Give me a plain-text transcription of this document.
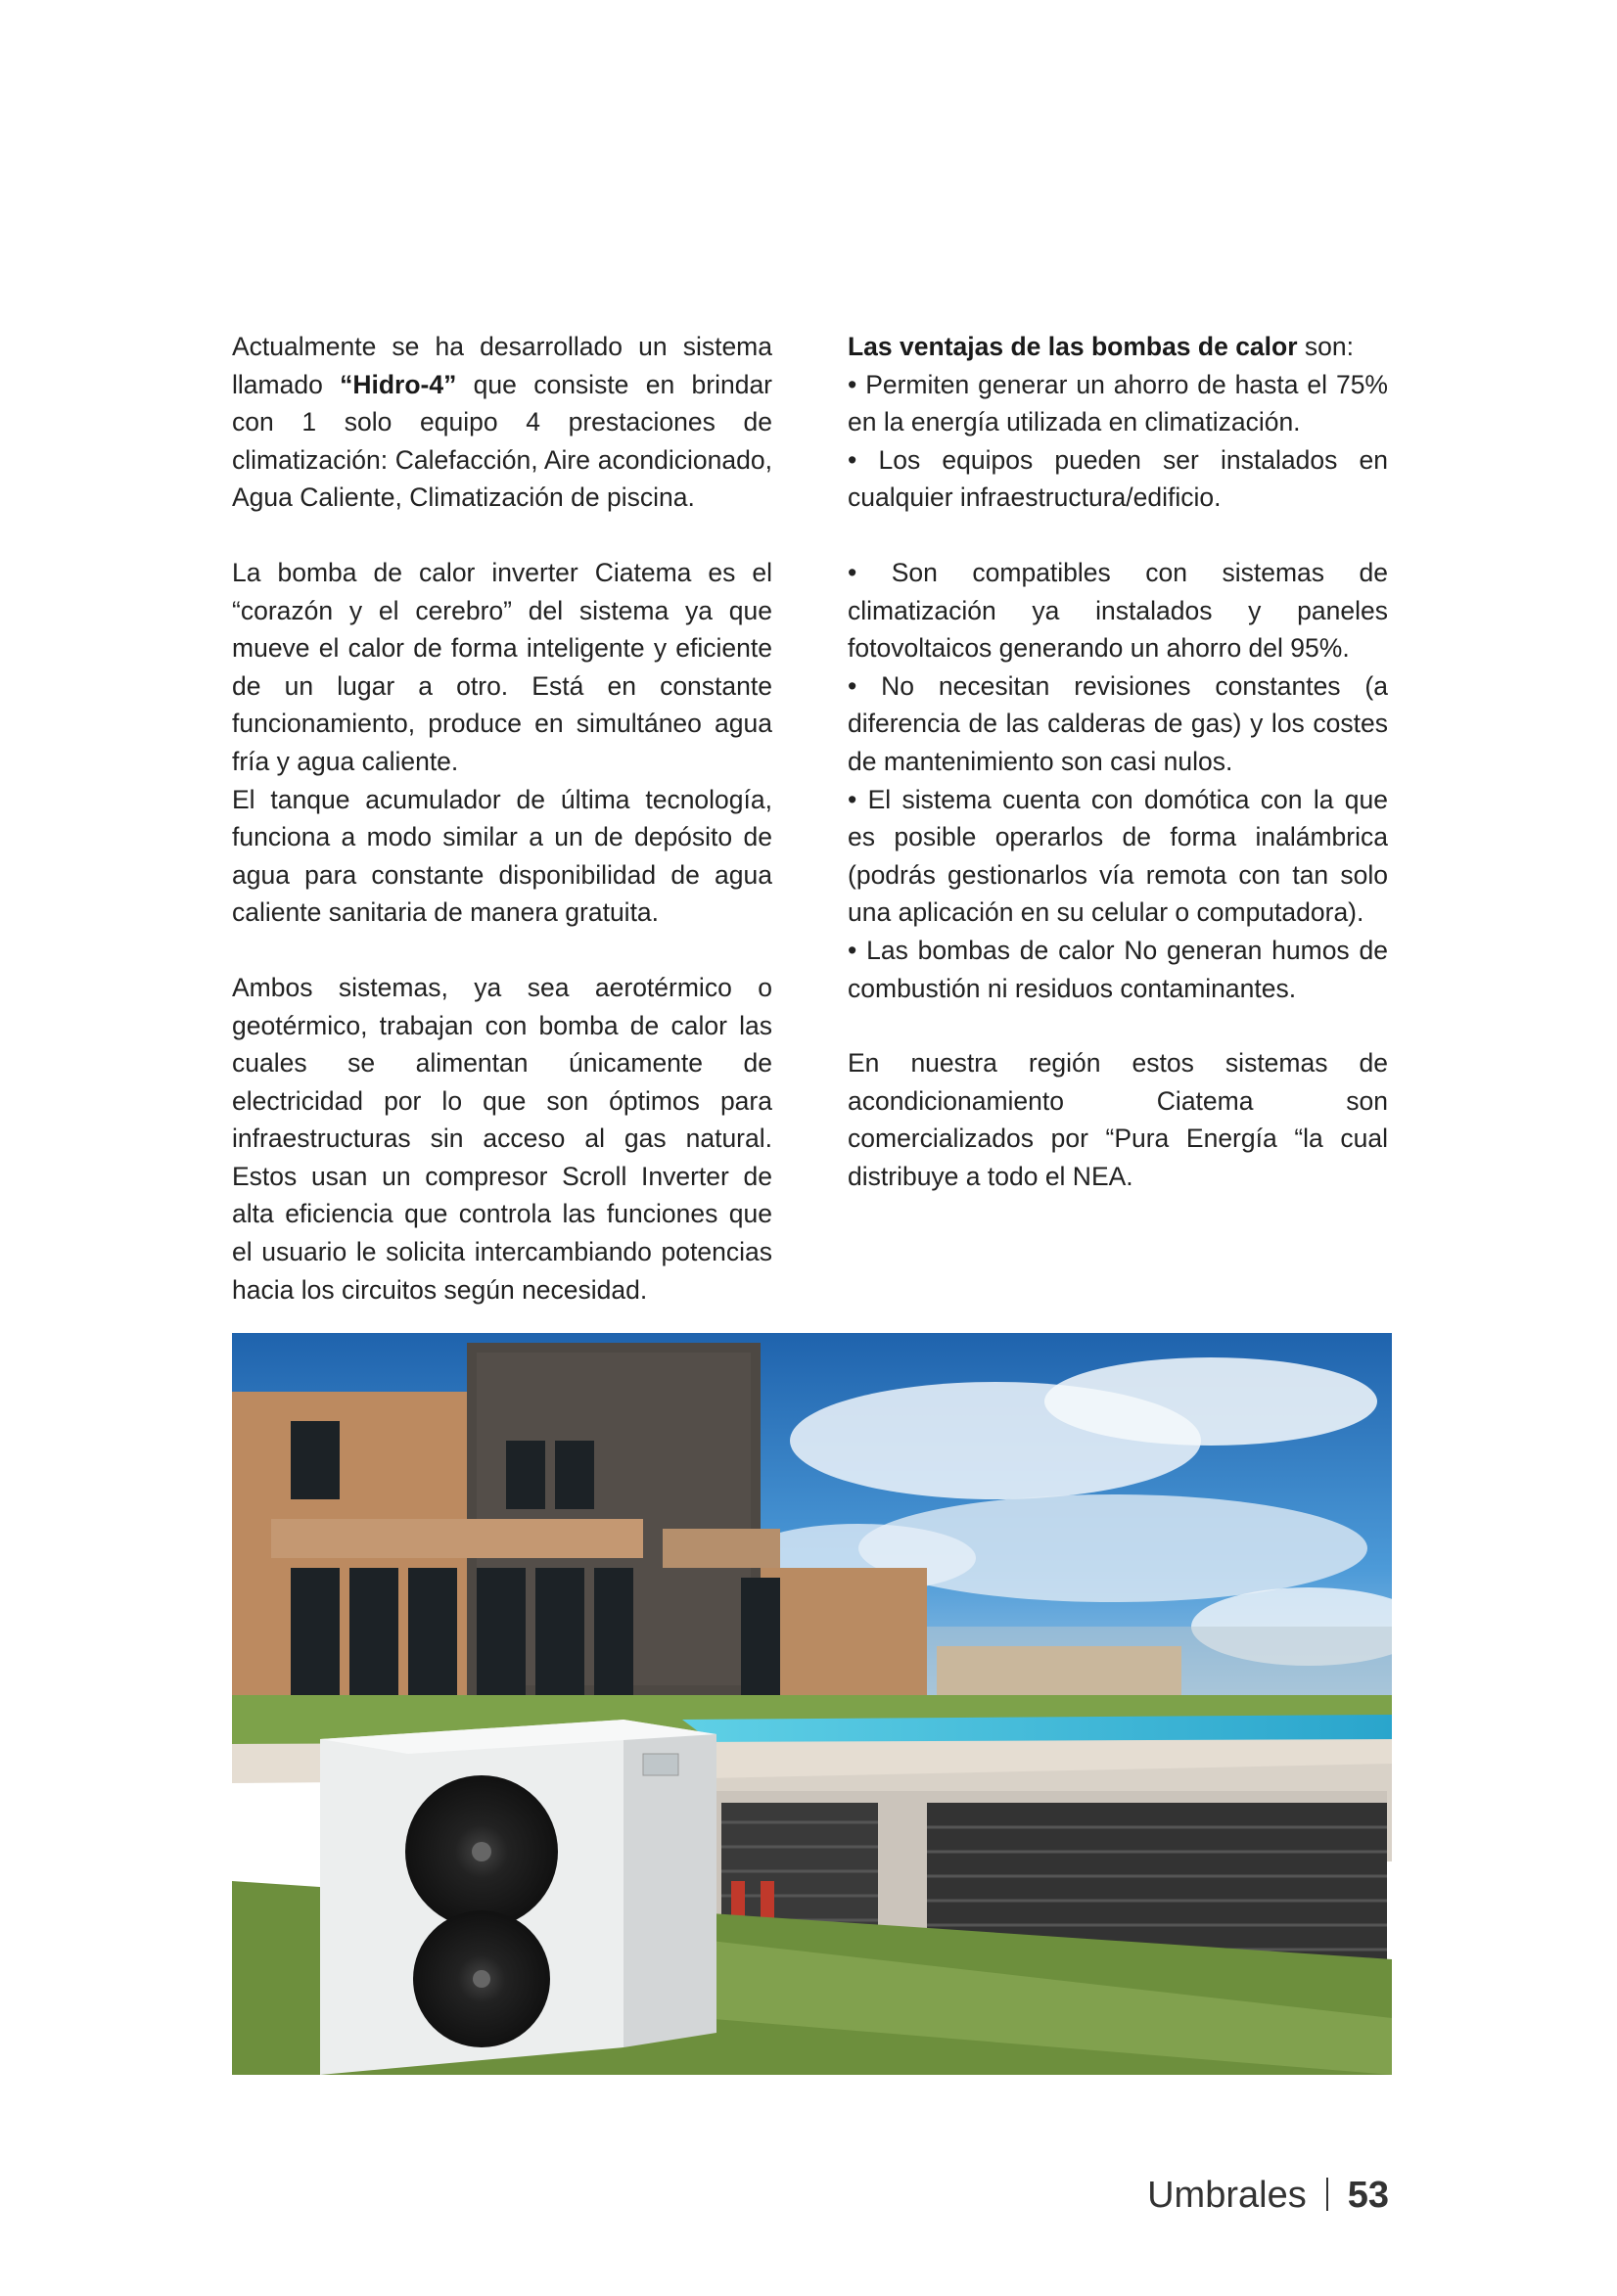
Actualmente se ha desarrollado un sistema llamado “Hidro-4” que consiste en brindar con 1 solo equipo 4 prestaciones de climatización: Calefacción, Aire acondicionado, Agua Caliente, Climatización de piscina.

La bomba de calor inverter Ciatema es el “corazón y el cerebro” del sistema ya que mueve el calor de forma inteligente y eficiente de un lugar a otro. Está en constante funcionamiento, produce en simultáneo agua fría y agua caliente.

El tanque acumulador de última tecnología, funciona a modo similar a un de depósito de agua para constante disponibilidad de agua caliente sanitaria de manera gratuita.

Ambos sistemas, ya sea aerotérmico o geotérmico, trabajan con bomba de calor las cuales se alimentan únicamente de electricidad por lo que son óptimos para infraestructuras sin acceso al gas natural. Estos usan un compresor Scroll Inverter de alta eficiencia que controla las funciones que el usuario le solicita intercambiando potencias hacia los circuitos según necesidad.

Las ventajas de las bombas de calor son:

• Permiten generar un ahorro de hasta el 75% en la energía utilizada en climatización.

• Los equipos pueden ser instalados en cualquier infraestructura/edificio.

• Son compatibles con sistemas de climatización ya instalados y paneles fotovoltaicos generando un ahorro del 95%.

• No necesitan revisiones constantes (a diferencia de las calderas de gas) y los costes de mantenimiento son casi nulos.

• El sistema cuenta con domótica con la que es posible operarlos de forma inalámbrica (podrás gestionarlos vía remota con tan solo una aplicación en su celular o computadora).

• Las bombas de calor No generan humos de combustión ni residuos contaminantes.

En nuestra región estos sistemas de acondicionamiento Ciatema son comercializados por “Pura Energía “la cual distribuye a todo el NEA.

Umbrales 53
